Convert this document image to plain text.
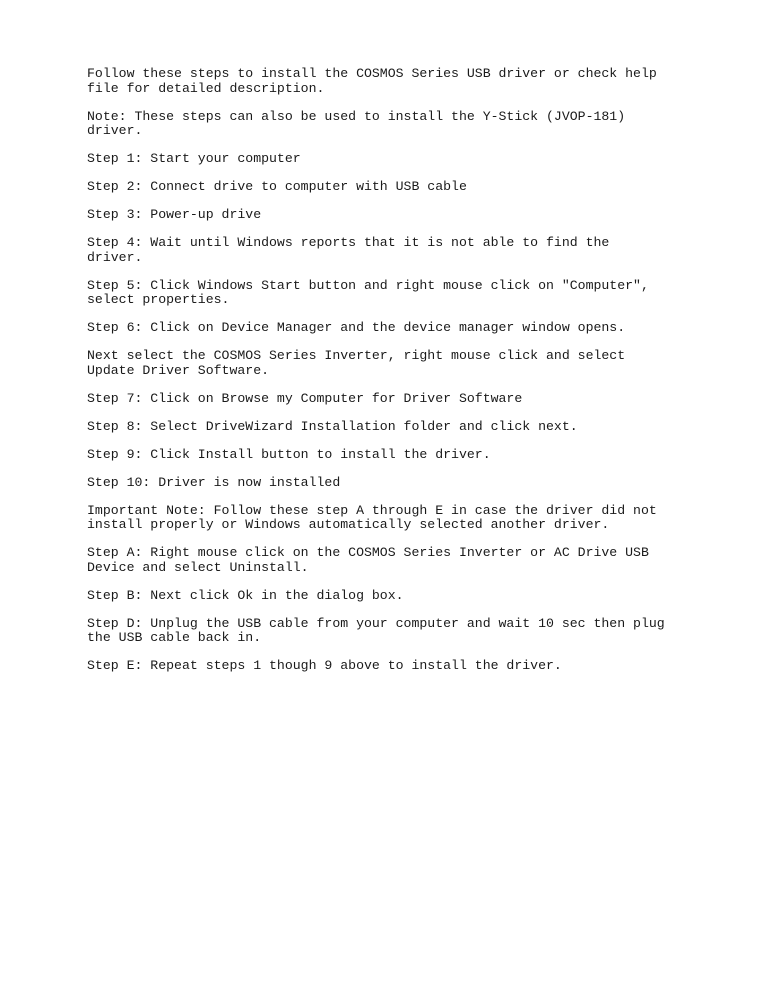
Follow these steps to install the COSMOS Series USB driver or check help
file for detailed description.

Note: These steps can also be used to install the Y-Stick (JVOP-181)
driver.

Step 1: Start your computer

Step 2: Connect drive to computer with USB cable

Step 3: Power-up drive

Step 4: Wait until Windows reports that it is not able to find the
driver.

Step 5: Click Windows Start button and right mouse click on "Computer",
select properties.

Step 6: Click on Device Manager and the device manager window opens.

Next select the COSMOS Series Inverter, right mouse click and select
Update Driver Software.

Step 7: Click on Browse my Computer for Driver Software

Step 8: Select DriveWizard Installation folder and click next.

Step 9: Click Install button to install the driver.

Step 10: Driver is now installed

Important Note: Follow these step A through E in case the driver did not
install properly or Windows automatically selected another driver.

Step A: Right mouse click on the COSMOS Series Inverter or AC Drive USB
Device and select Uninstall.

Step B: Next click Ok in the dialog box.

Step D: Unplug the USB cable from your computer and wait 10 sec then plug
the USB cable back in.

Step E: Repeat steps 1 though 9 above to install the driver.
